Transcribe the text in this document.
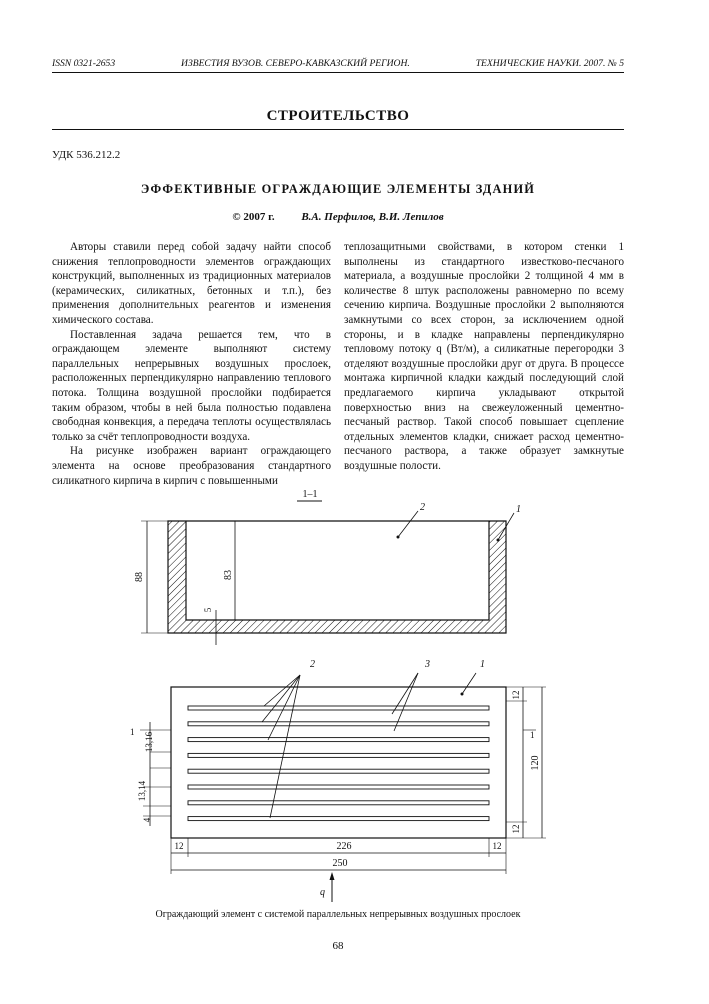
ISSN 0321-2653	ИЗВЕСТИЯ ВУЗОВ. СЕВЕРО-КАВКАЗСКИЙ РЕГИОН.	ТЕХНИЧЕСКИЕ НАУКИ. 2007. № 5
СТРОИТЕЛЬСТВО
УДК 536.212.2
ЭФФЕКТИВНЫЕ ОГРАЖДАЮЩИЕ ЭЛЕМЕНТЫ ЗДАНИЙ
© 2007 г. В.А. Перфилов, В.И. Лепилов

Авторы ставили перед собой задачу найти способ снижения теплопроводности элементов ограждающих конструкций, выполненных из традиционных материалов (керамических, силикатных, бетонных и т.п.), без применения дополнительных реагентов и изменения химического состава.

Поставленная задача решается тем, что в ограждающем элементе выполняют систему параллельных непрерывных воздушных прослоек, расположенных перпендикулярно направлению теплового потока. Толщина воздушной прослойки подбирается таким образом, чтобы в ней была полностью подавлена свободная конвекция, а передача теплоты осуществлялась только за счёт теплопроводности воздуха.

На рисунке изображен вариант ограждающего элемента на основе преобразования стандартного силикатного кирпича в кирпич с повышенными

теплозащитными свойствами, в котором стенки 1 выполнены из стандартного известково-песчаного материала, а воздушные прослойки 2 толщиной 4 мм в количестве 8 штук расположены равномерно по всему сечению кирпича. Воздушные прослойки 2 выполняются замкнутыми со всех сторон, за исключением одной стороны, и в кладке направлены перпендикулярно тепловому потоку q (Вт/м), а силикатные перегородки 3 отделяют воздушные прослойки друг от друга. В процессе монтажа кирпичной кладки каждый последующий слой предлагаемого кирпича укладывают открытой поверхностью вниз на свежеуложенный цементно-песчаный раствор. Такой способ повышает сцепление отдельных элементов кладки, снижает расход цементно-песчаного раствора, а также образует замкнутые воздушные полости.

1–1
2	1
88	83
5
2	3	1
12
12
120
1
12	226	12
250
1 13,16
13,14
4
q
Ограждающий элемент с системой параллельных непрерывных воздушных прослоек
68
